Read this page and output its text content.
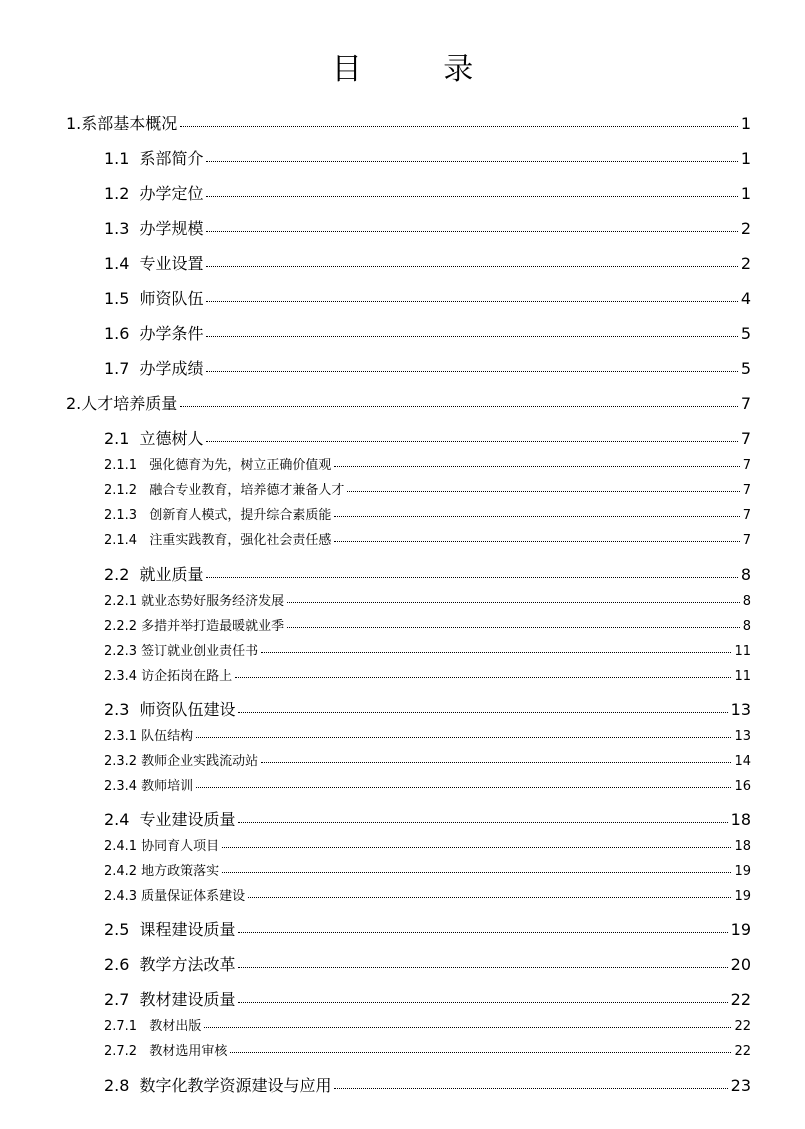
目 录
1. 系部基本概况	1
1.1 系部简介	1
1.2 办学定位	1
1.3 办学规模	2
1.4 专业设置	2
1.5 师资队伍	4
1.6 办学条件	5
1.7 办学成绩	5
2. 人才培养质量	7
2.1 立德树人	7
2.1.1 强化德育为先，树立正确价值观	7
2.1.2 融合专业教育，培养德才兼备人才	7
2.1.3 创新育人模式，提升综合素质能	7
2.1.4 注重实践教育，强化社会责任感	7
2.2 就业质量	8
2.2.1 就业态势好服务经济发展	8
2.2.2 多措并举打造最暖就业季	8
2.2.3 签订就业创业责任书	11
2.3.4 访企拓岗在路上	11
2.3 师资队伍建设	13
2.3.1 队伍结构	13
2.3.2 教师企业实践流动站	14
2.3.4 教师培训	16
2.4 专业建设质量	18
2.4.1 协同育人项目	18
2.4.2 地方政策落实	19
2.4.3 质量保证体系建设	19
2.5 课程建设质量	19
2.6 教学方法改革	20
2.7 教材建设质量	22
2.7.1 教材出版	22
2.7.2 教材选用审核	22
2.8 数字化教学资源建设与应用	23
